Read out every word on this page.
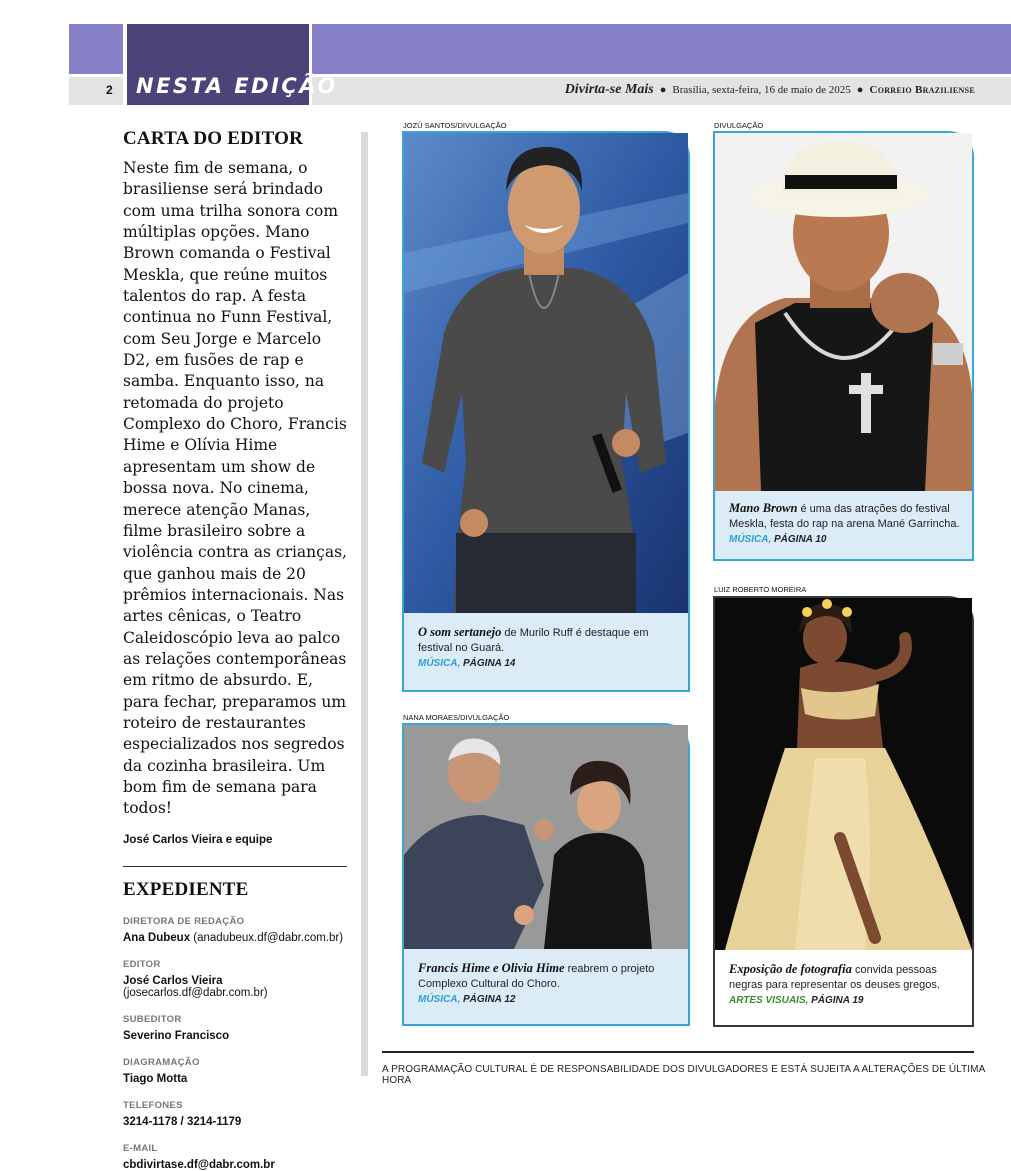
2 NESTA EDIÇÃO	Divirta-se Mais ● Brasília, sexta-feira, 16 de maio de 2025 ● Correio Braziliense
CARTA DO EDITOR
Neste fim de semana, o brasiliense será brindado com uma trilha sonora com múltiplas opções. Mano Brown comanda o Festival Meskla, que reúne muitos talentos do rap. A festa continua no Funn Festival, com Seu Jorge e Marcelo D2, em fusões de rap e samba. Enquanto isso, na retomada do projeto Complexo do Choro, Francis Hime e Olívia Hime apresentam um show de bossa nova. No cinema, merece atenção Manas, filme brasileiro sobre a violência contra as crianças, que ganhou mais de 20 prêmios internacionais. Nas artes cênicas, o Teatro Caleidoscópio leva ao palco as relações contemporâneas em ritmo de absurdo. E, para fechar, preparamos um roteiro de restaurantes especializados nos segredos da cozinha brasileira. Um bom fim de semana para todos!
José Carlos Vieira e equipe
EXPEDIENTE
DIRETORA DE REDAÇÃO
Ana Dubeux (anadubeux.df@dabr.com.br)
EDITOR
José Carlos Vieira (josecarlos.df@dabr.com.br)
SUBEDITOR
Severino Francisco
DIAGRAMAÇÃO
Tiago Motta
TELEFONES
3214-1178 / 3214-1179
E-MAIL
cbdivirtase.df@dabr.com.br
JOZÚ SANTOS/DIVULGAÇÃO
O som sertanejo de Murilo Ruff é destaque em festival no Guará.
MÚSICA, PÁGINA 14
DIVULGAÇÃO
Mano Brown é uma das atrações do festival Meskla, festa do rap na arena Mané Garrincha.
MÚSICA, PÁGINA 10
NANA MORAES/DIVULGAÇÃO
Francis Hime e Olivia Hime reabrem o projeto Complexo Cultural do Choro.
MÚSICA, PÁGINA 12
LUIZ ROBERTO MOREIRA
Exposição de fotografia convida pessoas negras para representar os deuses gregos.
ARTES VISUAIS, PÁGINA 19
A PROGRAMAÇÃO CULTURAL É DE RESPONSABILIDADE DOS DIVULGADORES E ESTÁ SUJEITA A ALTERAÇÕES DE ÚLTIMA HORA
